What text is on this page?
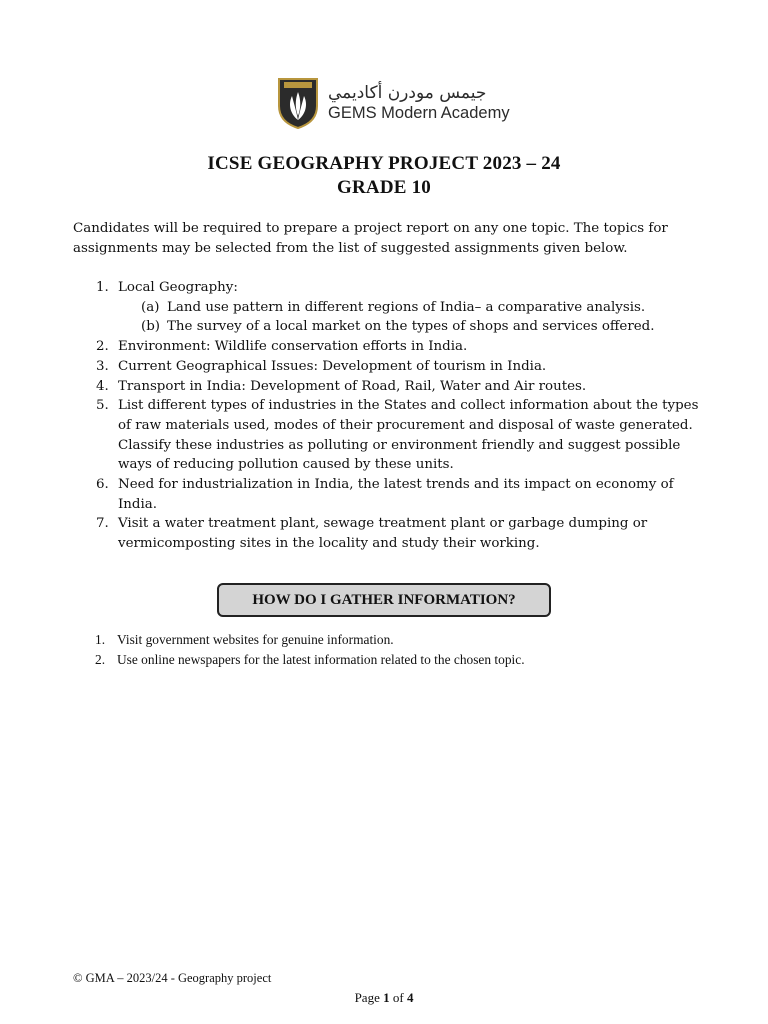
جيمس مودرن أكاديمي
GEMS Modern Academy
ICSE GEOGRAPHY PROJECT 2023 – 24
GRADE 10

Candidates will be required to prepare a project report on any one topic. The topics for assignments may be selected from the list of suggested assignments given below.

1. Local Geography:
(a) Land use pattern in different regions of India– a comparative analysis.
(b) The survey of a local market on the types of shops and services offered.
2. Environment: Wildlife conservation efforts in India.
3. Current Geographical Issues: Development of tourism in India.
4. Transport in India: Development of Road, Rail, Water and Air routes.
5. List different types of industries in the States and collect information about the types of raw materials used, modes of their procurement and disposal of waste generated. Classify these industries as polluting or environment friendly and suggest possible ways of reducing pollution caused by these units.
6. Need for industrialization in India, the latest trends and its impact on economy of India.
7. Visit a water treatment plant, sewage treatment plant or garbage dumping or vermicomposting sites in the locality and study their working.
HOW DO I GATHER INFORMATION?
1. Visit government websites for genuine information.
2. Use online newspapers for the latest information related to the chosen topic.
© GMA – 2023/24 - Geography project
Page 1 of 4
